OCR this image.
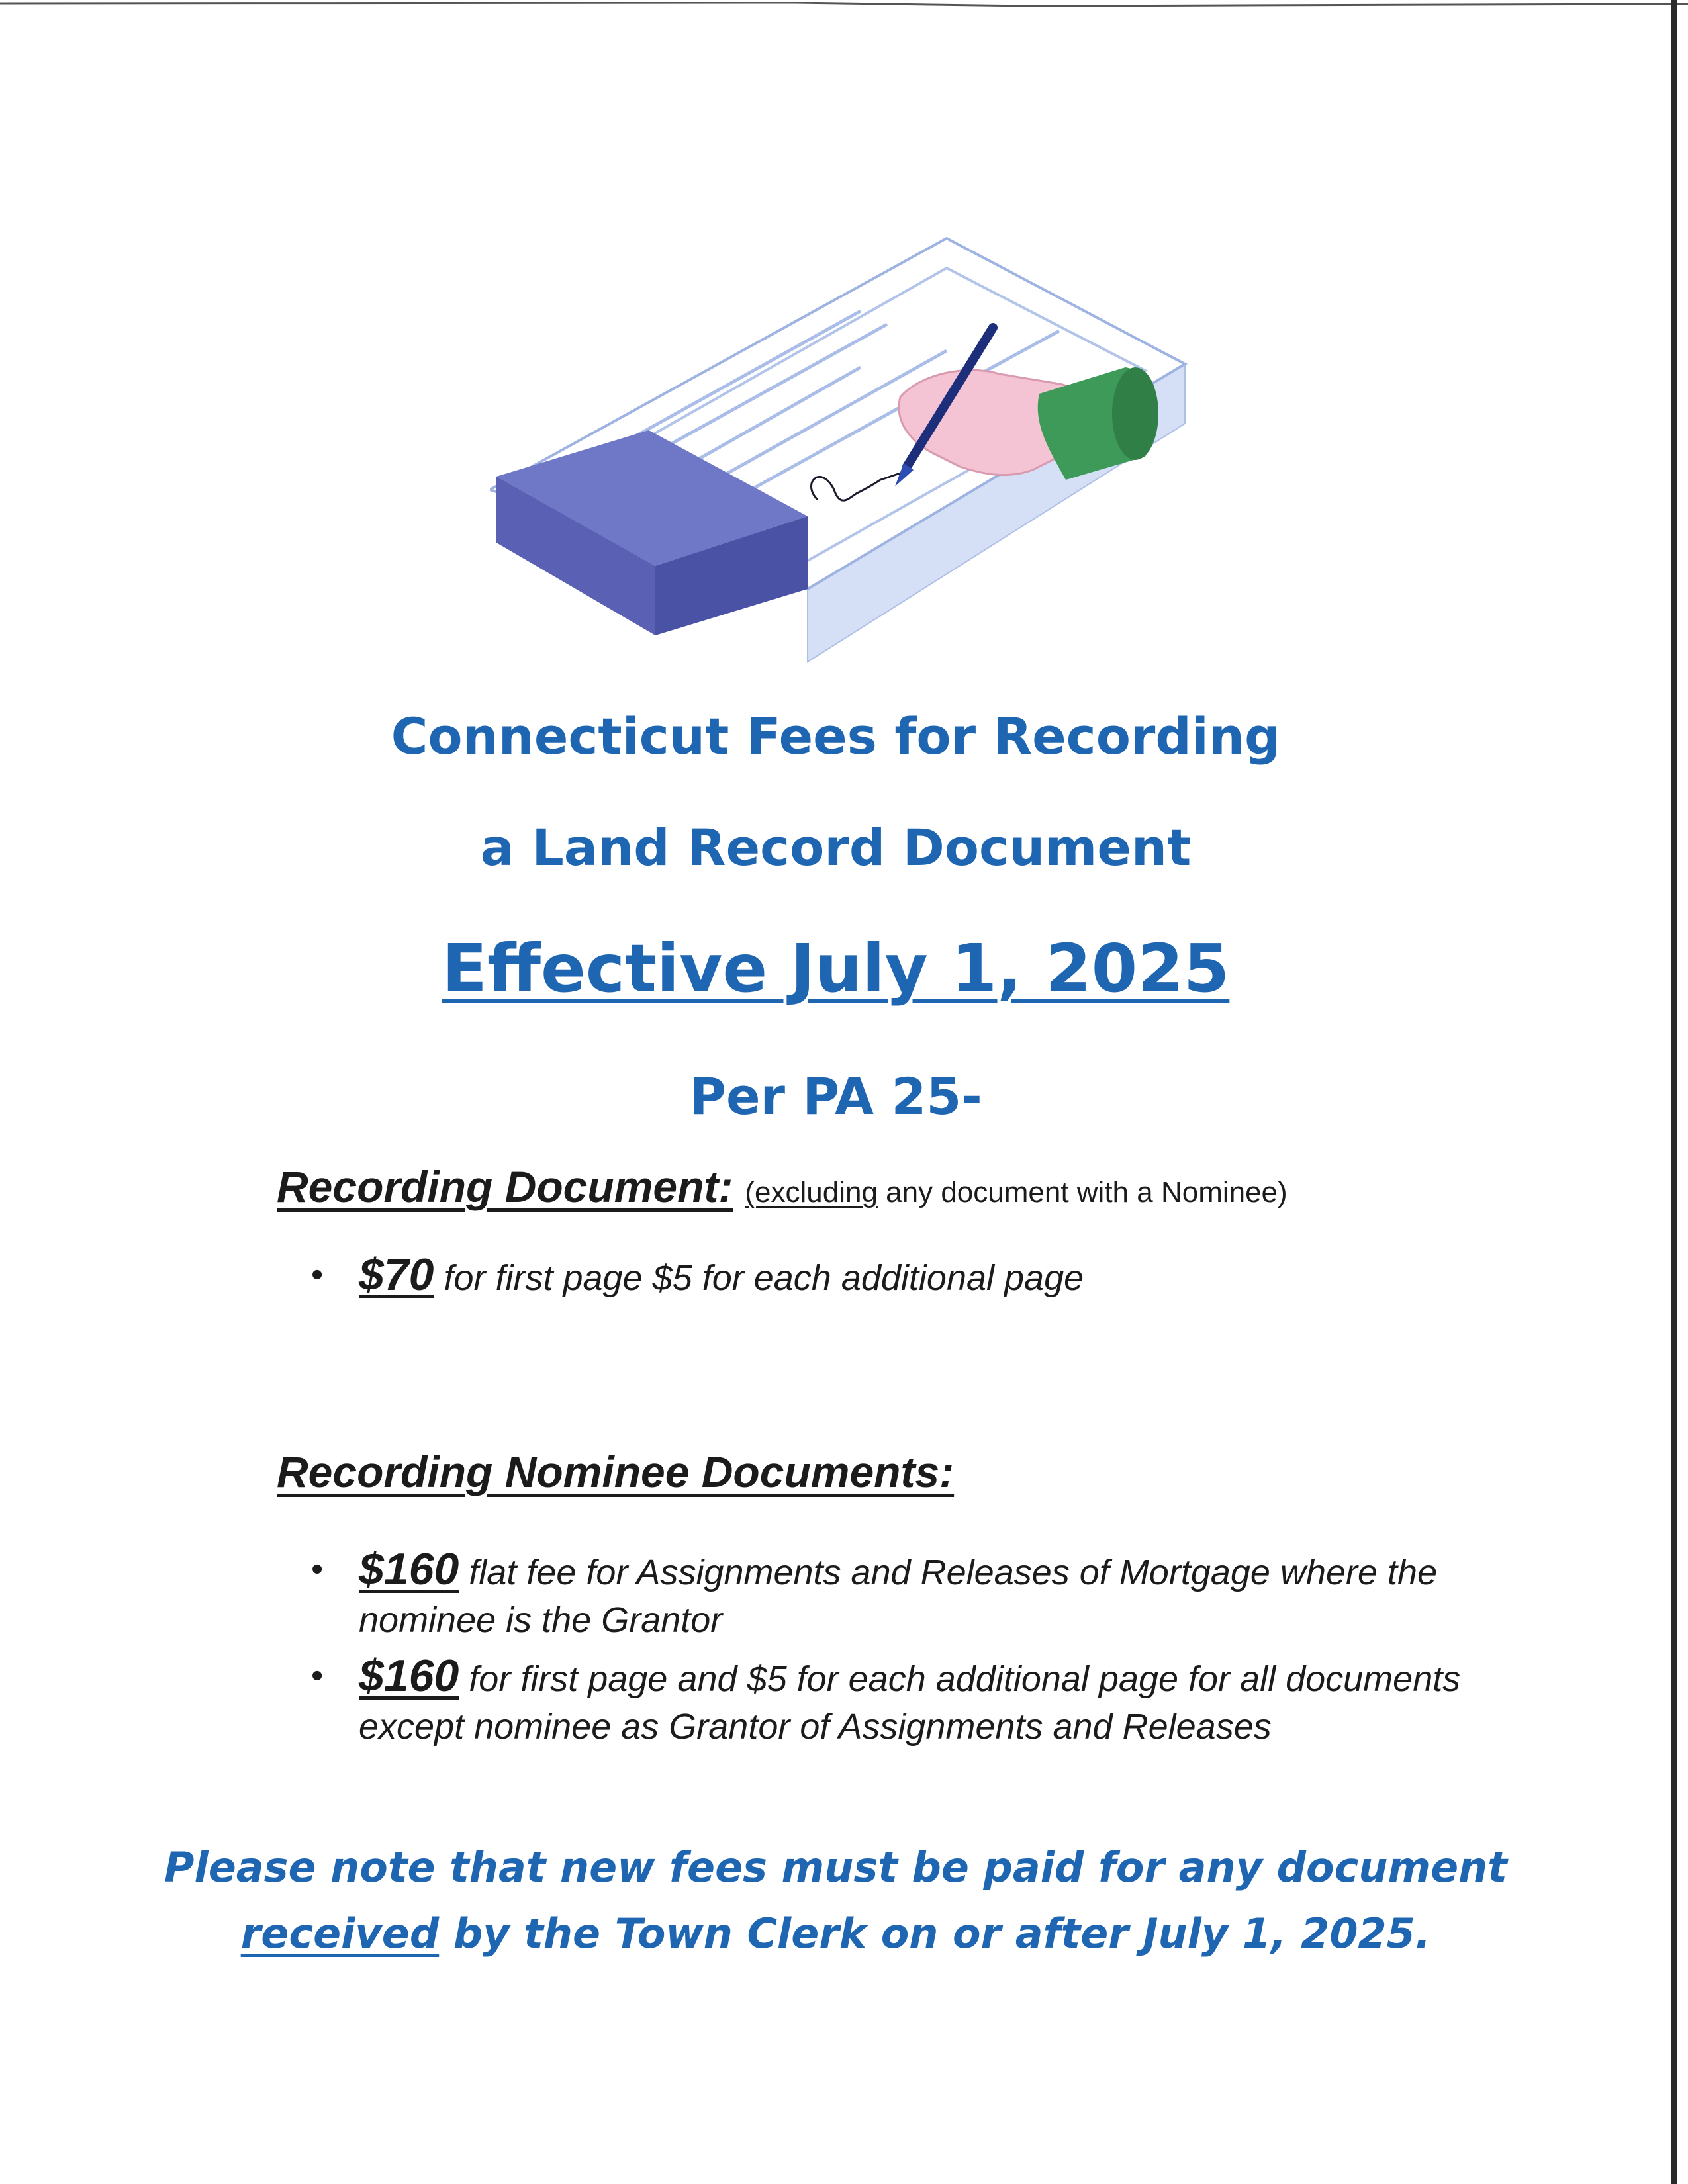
Connecticut Fees for Recording

a Land Record Document

Effective July 1, 2025

Per PA 25-

Recording Document: (excluding any document with a Nominee)
• $70 for first page $5 for each additional page
Recording Nominee Documents:
• $160 flat fee for Assignments and Releases of Mortgage where the nominee is the Grantor
• $160 for first page and $5 for each additional page for all documents except nominee as Grantor of Assignments and Releases
Please note that new fees must be paid for any document
received by the Town Clerk on or after July 1, 2025.
